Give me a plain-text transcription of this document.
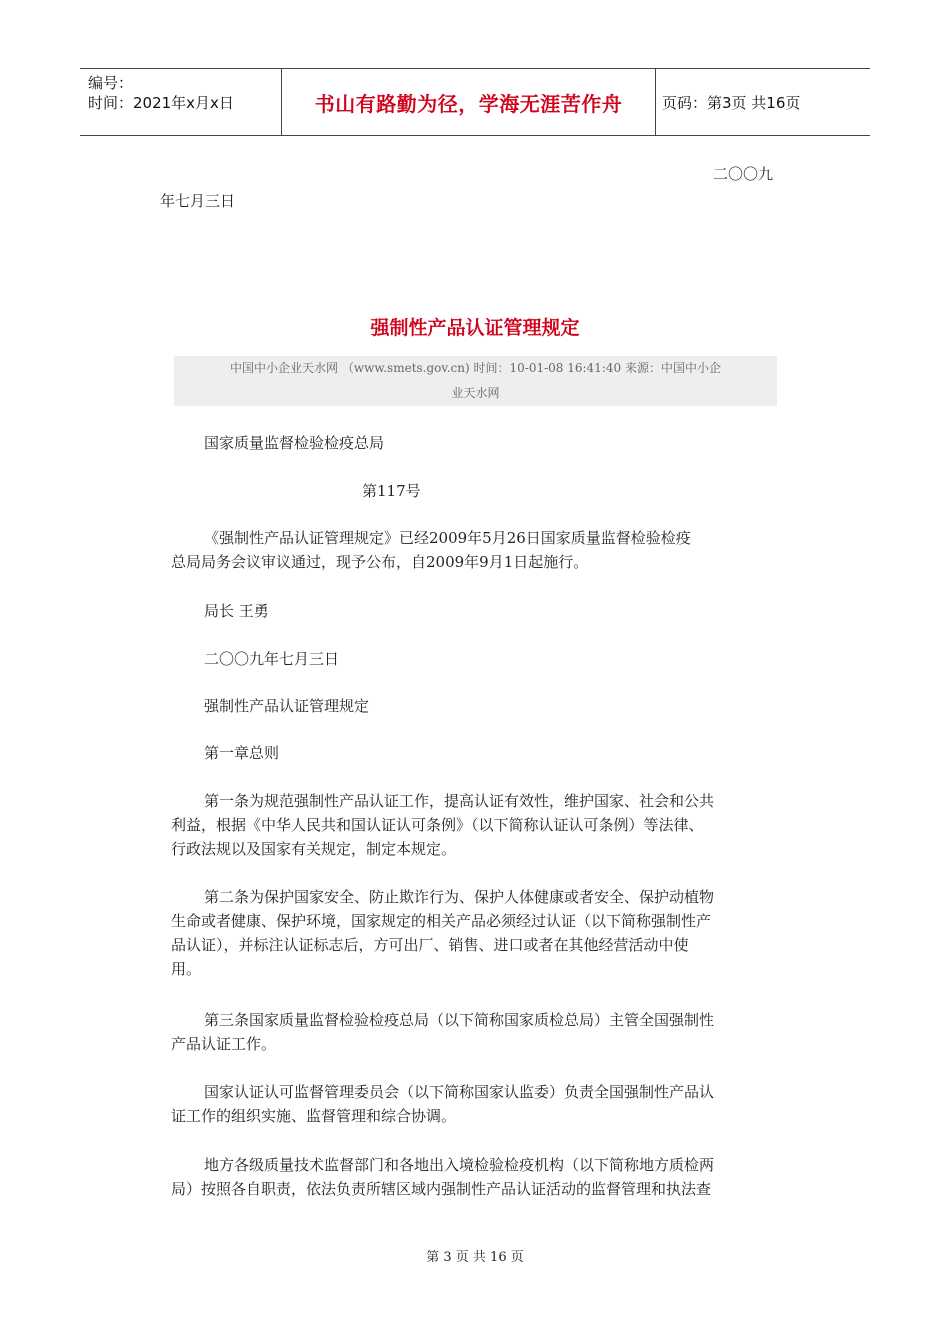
编号：
时间：2021年x月x日	书山有路勤为径，学海无涯苦作舟	页码：第3页 共16页
二〇〇九
年七月三日
强制性产品认证管理规定
中国中小企业天水网 （www.smets.gov.cn) 时间：10-01-08 16:41:40 来源：中国中小企
业天水网
国家质量监督检验检疫总局
第117号
《强制性产品认证管理规定》已经2009年5月26日国家质量监督检验检疫
总局局务会议审议通过，现予公布，自2009年9月1日起施行。
局长 王勇
二〇〇九年七月三日
强制性产品认证管理规定
第一章总则
第一条为规范强制性产品认证工作，提高认证有效性，维护国家、社会和公共
利益，根据《中华人民共和国认证认可条例》（以下简称认证认可条例）等法律、
行政法规以及国家有关规定，制定本规定。
第二条为保护国家安全、防止欺诈行为、保护人体健康或者安全、保护动植物
生命或者健康、保护环境，国家规定的相关产品必须经过认证（以下简称强制性产
品认证），并标注认证标志后，方可出厂、销售、进口或者在其他经营活动中使
用。
第三条国家质量监督检验检疫总局（以下简称国家质检总局）主管全国强制性
产品认证工作。
国家认证认可监督管理委员会（以下简称国家认监委）负责全国强制性产品认
证工作的组织实施、监督管理和综合协调。
地方各级质量技术监督部门和各地出入境检验检疫机构（以下简称地方质检两
局）按照各自职责，依法负责所辖区域内强制性产品认证活动的监督管理和执法查
第 3 页 共 16 页
